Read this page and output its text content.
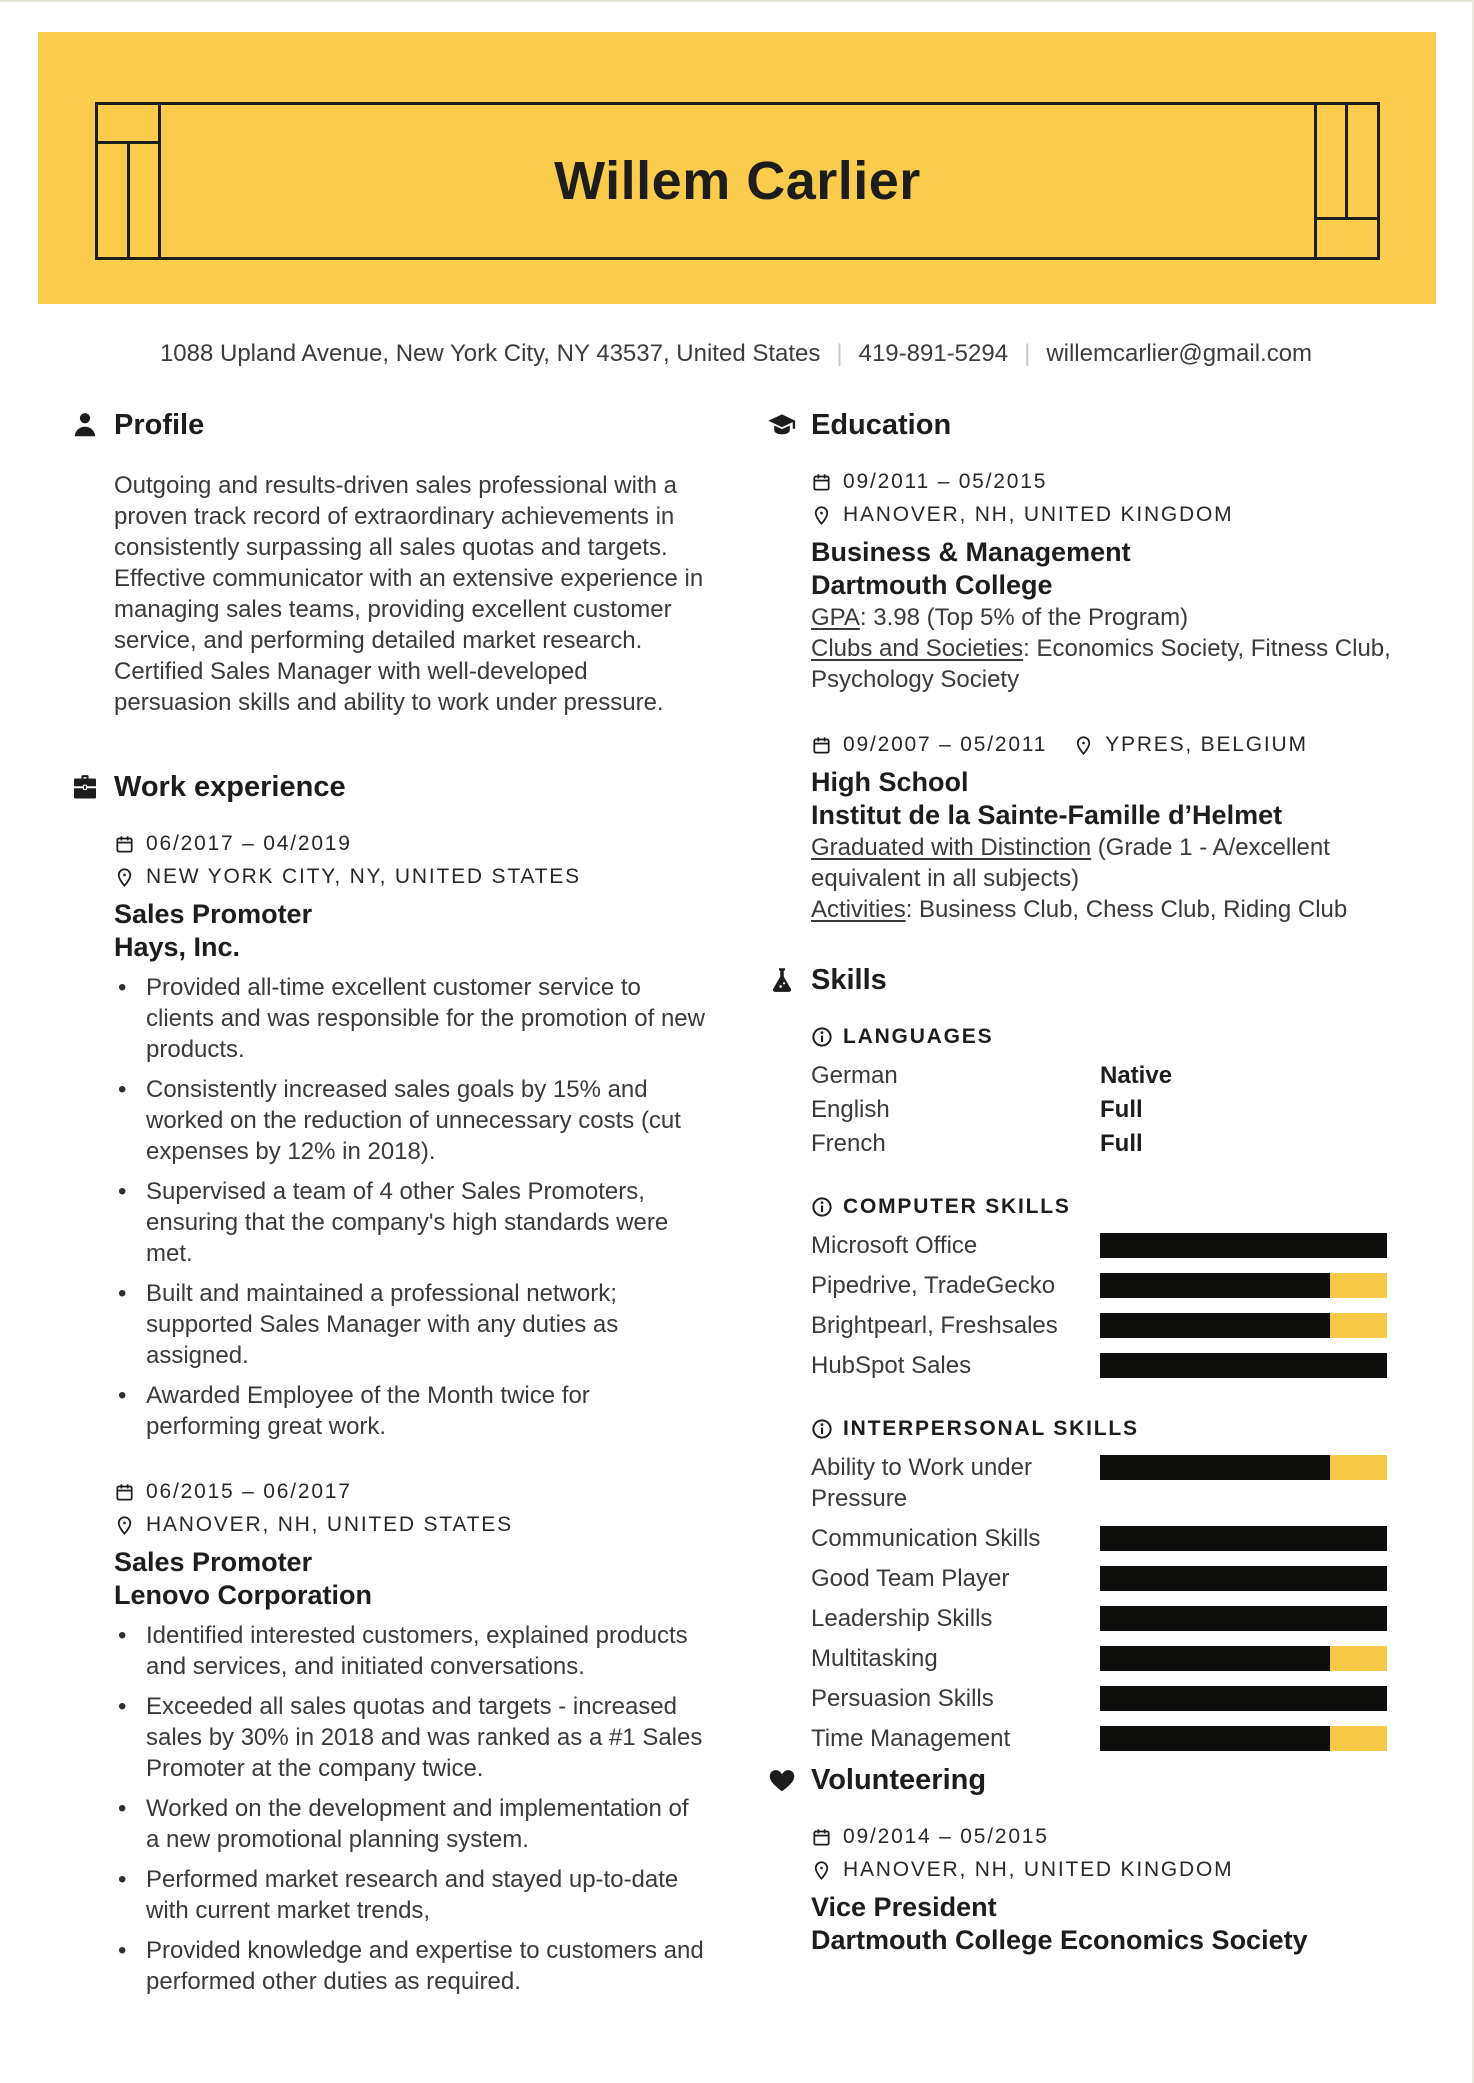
Willem Carlier
1088 Upland Avenue, New York City, NY 43537, United States | 419-891-5294 | willemcarlier@gmail.com
Profile

Outgoing and results-driven sales professional with a proven track record of extraordinary achievements in consistently surpassing all sales quotas and targets. Effective communicator with an extensive experience in managing sales teams, providing excellent customer service, and performing detailed market research. Certified Sales Manager with well-developed persuasion skills and ability to work under pressure.

Work experience
06/2017 – 04/2019
NEW YORK CITY, NY, UNITED STATES
Sales Promoter
Hays, Inc.
• Provided all-time excellent customer service to clients and was responsible for the promotion of new products.
• Consistently increased sales goals by 15% and worked on the reduction of unnecessary costs (cut expenses by 12% in 2018).
• Supervised a team of 4 other Sales Promoters, ensuring that the company's high standards were met.
• Built and maintained a professional network; supported Sales Manager with any duties as assigned.
• Awarded Employee of the Month twice for performing great work.
06/2015 – 06/2017
HANOVER, NH, UNITED STATES
Sales Promoter
Lenovo Corporation
• Identified interested customers, explained products and services, and initiated conversations.
• Exceeded all sales quotas and targets - increased sales by 30% in 2018 and was ranked as a #1 Sales Promoter at the company twice.
• Worked on the development and implementation of a new promotional planning system.
• Performed market research and stayed up-to-date with current market trends,
• Provided knowledge and expertise to customers and performed other duties as required.
Education
09/2011 – 05/2015
HANOVER, NH, UNITED KINGDOM
Business & Management
Dartmouth College
GPA: 3.98 (Top 5% of the Program)
Clubs and Societies: Economics Society, Fitness Club, Psychology Society
09/2007 – 05/2011	YPRES, BELGIUM
High School
Institut de la Sainte-Famille d’Helmet
Graduated with Distinction (Grade 1 - A/excellent equivalent in all subjects)
Activities: Business Club, Chess Club, Riding Club
Skills
LANGUAGES
German	Native
English	Full
French	Full
COMPUTER SKILLS
Microsoft Office
Pipedrive, TradeGecko
Brightpearl, Freshsales
HubSpot Sales
INTERPERSONAL SKILLS
Ability to Work under Pressure
Communication Skills
Good Team Player
Leadership Skills
Multitasking
Persuasion Skills
Time Management
Volunteering
09/2014 – 05/2015
HANOVER, NH, UNITED KINGDOM
Vice President
Dartmouth College Economics Society
